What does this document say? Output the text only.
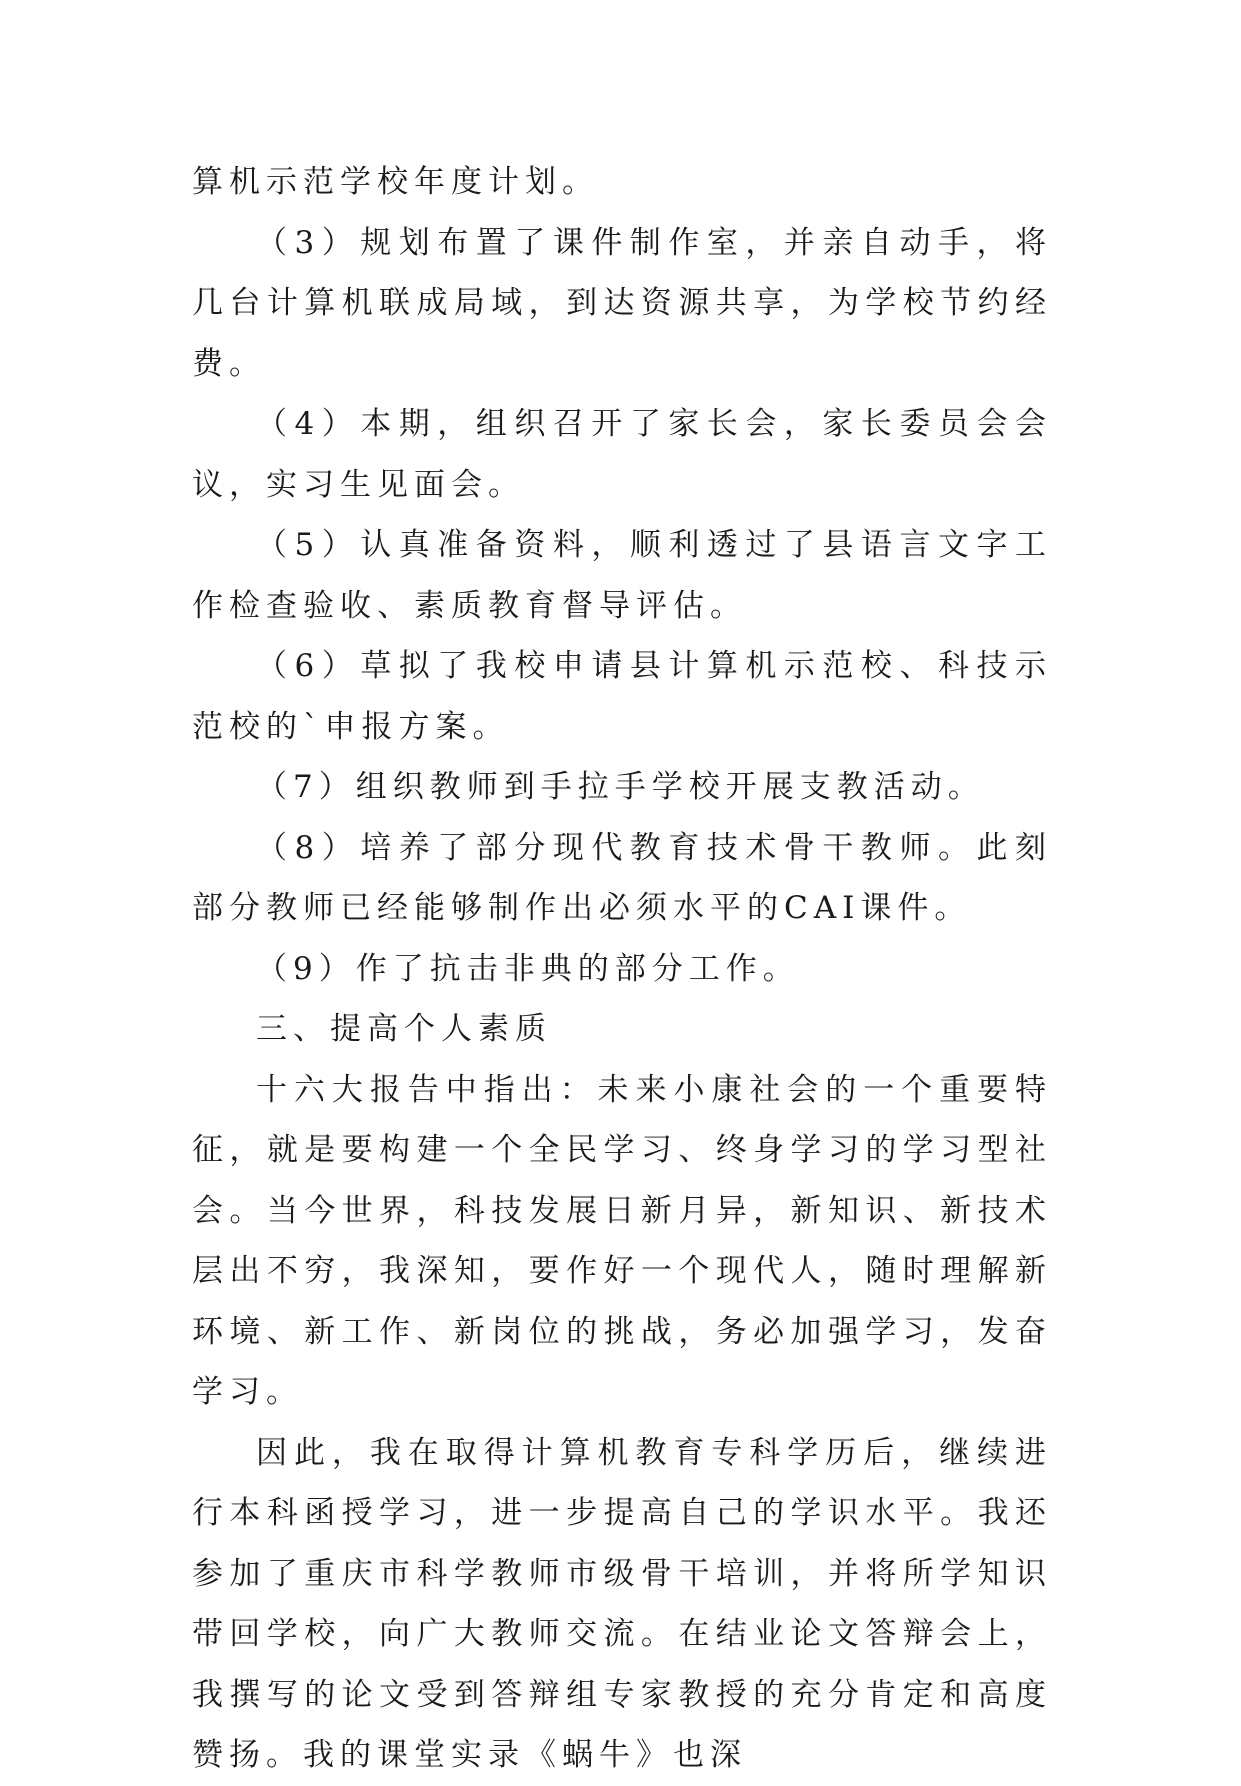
算机示范学校年度计划。

（3）规划布置了课件制作室，并亲自动手，将几台计算机联成局域，到达资源共享，为学校节约经费。

（4）本期，组织召开了家长会，家长委员会会议，实习生见面会。

（5）认真准备资料，顺利透过了县语言文字工作检查验收、素质教育督导评估。

（6）草拟了我校申请县计算机示范校、科技示范校的`申报方案。

（7）组织教师到手拉手学校开展支教活动。

（8）培养了部分现代教育技术骨干教师。此刻部分教师已经能够制作出必须水平的CAI课件。

（9）作了抗击非典的部分工作。

三、提高个人素质

十六大报告中指出：未来小康社会的一个重要特征，就是要构建一个全民学习、终身学习的学习型社会。当今世界，科技发展日新月异，新知识、新技术层出不穷，我深知，要作好一个现代人，随时理解新环境、新工作、新岗位的挑战，务必加强学习，发奋学习。

因此，我在取得计算机教育专科学历后，继续进行本科函授学习，进一步提高自己的学识水平。我还参加了重庆市科学教师市级骨干培训，并将所学知识带回学校，向广大教师交流。在结业论文答辩会上，我撰写的论文受到答辩组专家教授的充分肯定和高度赞扬。我的课堂实录《蜗牛》也深
